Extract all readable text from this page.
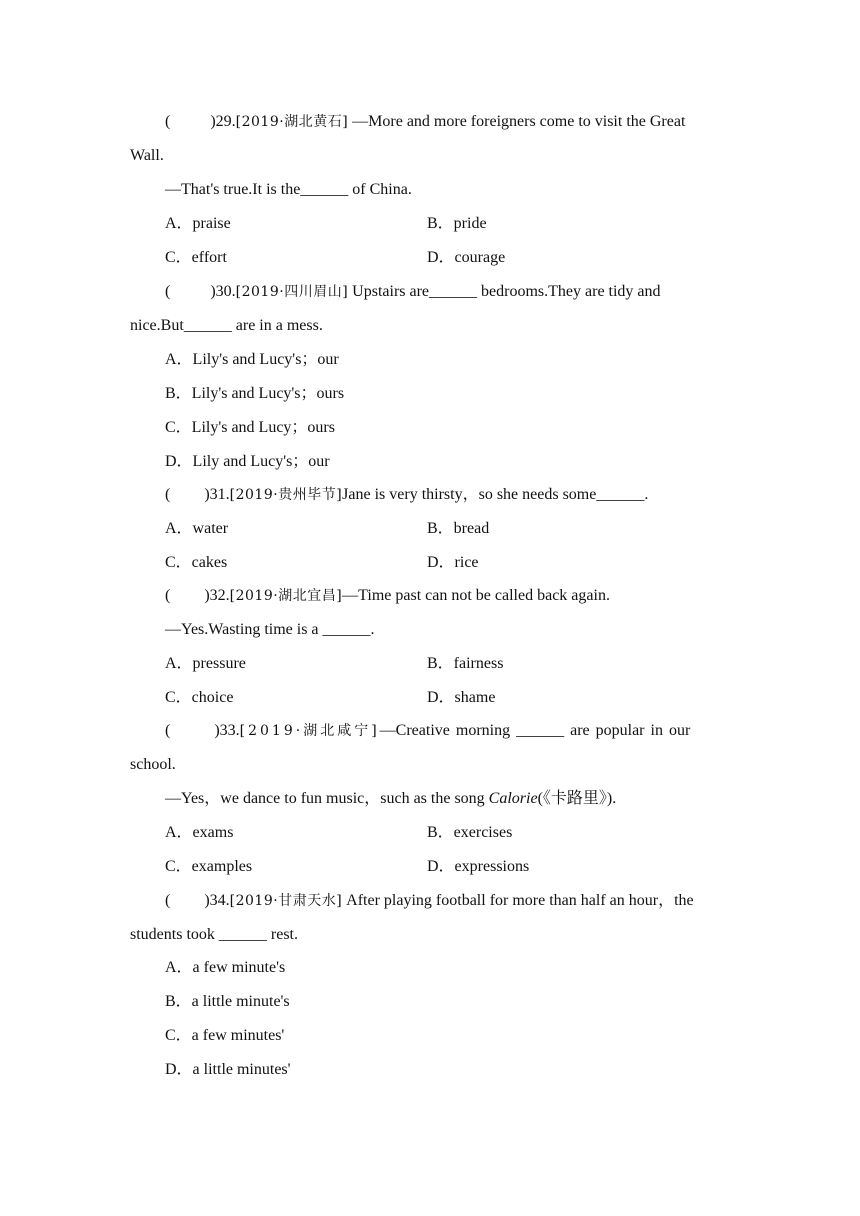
(	)29.[2019·湖北黄石] —More and more foreigners come to visit the Great
Wall.
—That's true.It is the______ of China.
A．praise	B．pride
C．effort	D．courage
(	)30.[2019·四川眉山] Upstairs are______ bedrooms.They are tidy and
nice.But______ are in a mess.
A．Lily's and Lucy's；our
B．Lily's and Lucy's；ours
C．Lily's and Lucy；ours
D．Lily and Lucy's；our
( )31.[2019·贵州毕节]Jane is very thirsty，so she needs some______.
A．water	B．bread
C．cakes	D．rice
( )32.[2019·湖北宜昌]—Time past can not be called back again.
—Yes.Wasting time is a ______.
A．pressure	B．fairness
C．choice	D．shame
(	)33.[2019·湖北咸宁]—Creative morning ______ are popular in our
school.
—Yes，we dance to fun music，such as the song Calorie(《卡路里》).
A．exams	B．exercises
C．examples	D．expressions
( )34.[2019·甘肃天水] After playing football for more than half an hour，the
students took ______ rest.
A．a few minute's
B．a little minute's
C．a few minutes'
D．a little minutes'
